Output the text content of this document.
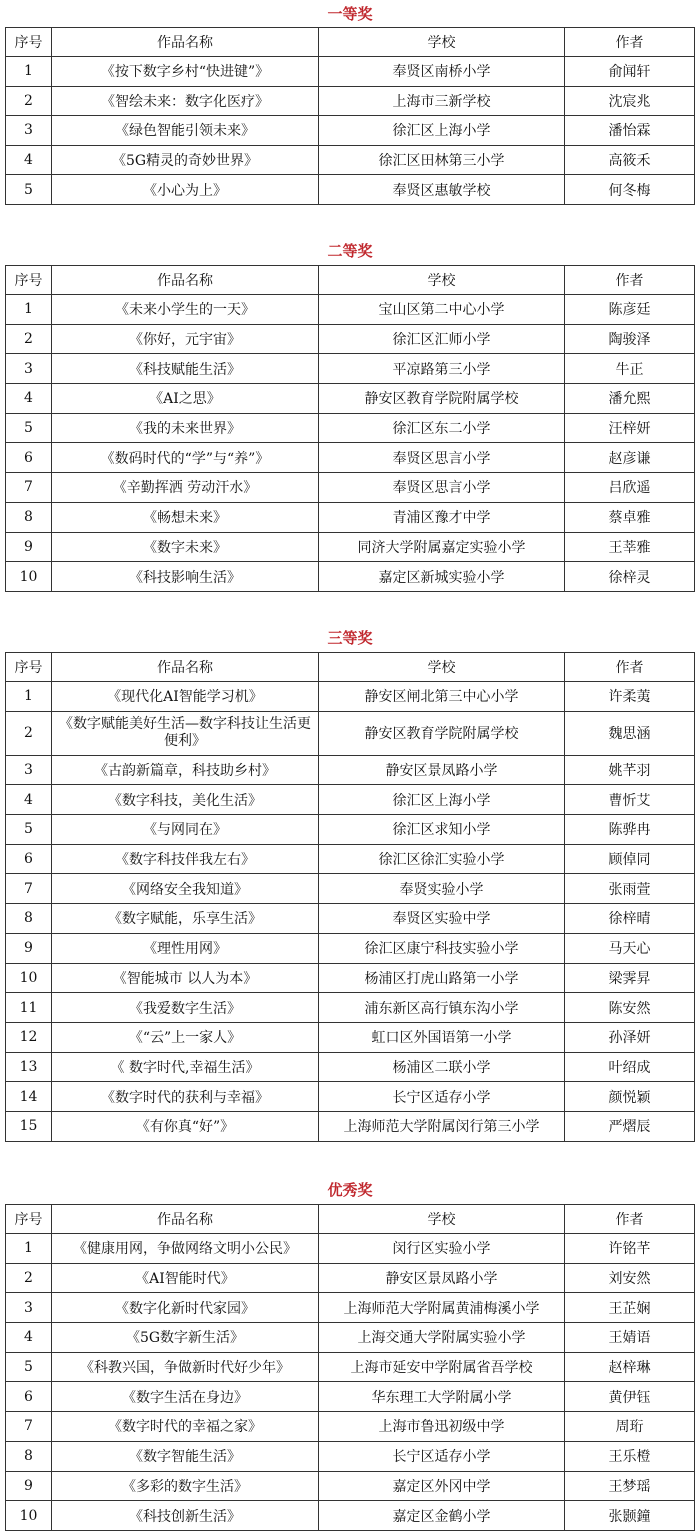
一等奖
序号	作品名称	学校	作者
1	《按下数字乡村“快进键”》	奉贤区南桥小学	俞闻轩
2	《智绘未来：数字化医疗》	上海市三新学校	沈宸兆
3	《绿色智能引领未来》	徐汇区上海小学	潘怡霖
4	《5G精灵的奇妙世界》	徐汇区田林第三小学	高筱禾
5	《小心为上》	奉贤区惠敏学校	何冬梅
二等奖
序号	作品名称	学校	作者
1	《未来小学生的一天》	宝山区第二中心小学	陈彦廷
2	《你好，元宇宙》	徐汇区汇师小学	陶骏泽
3	《科技赋能生活》	平凉路第三小学	牛正
4	《AI之思》	静安区教育学院附属学校	潘允熙
5	《我的未来世界》	徐汇区东二小学	汪梓妍
6	《数码时代的“学”与“养”》	奉贤区思言小学	赵彦谦
7	《辛勤挥洒 劳动汗水》	奉贤区思言小学	吕欣遥
8	《畅想未来》	青浦区豫才中学	蔡卓雅
9	《数字未来》	同济大学附属嘉定实验小学	王莘雅
10	《科技影响生活》	嘉定区新城实验小学	徐梓灵
三等奖
序号	作品名称	学校	作者
1	《现代化AI智能学习机》	静安区闸北第三中心小学	许柔荑
2	《数字赋能美好生活—数字科技让生活更便利》	静安区教育学院附属学校	魏思涵
3	《古韵新篇章，科技助乡村》	静安区景凤路小学	姚芊羽
4	《数字科技，美化生活》	徐汇区上海小学	曹忻艾
5	《与网同在》	徐汇区求知小学	陈骅冉
6	《数字科技伴我左右》	徐汇区徐汇实验小学	顾倬同
7	《网络安全我知道》	奉贤实验小学	张雨萱
8	《数字赋能，乐享生活》	奉贤区实验中学	徐梓晴
9	《理性用网》	徐汇区康宁科技实验小学	马天心
10	《智能城市 以人为本》	杨浦区打虎山路第一小学	梁霁昇
11	《我爱数字生活》	浦东新区高行镇东沟小学	陈安然
12	《“云”上一家人》	虹口区外国语第一小学	孙泽妍
13	《 数字时代,幸福生活》	杨浦区二联小学	叶绍成
14	《数字时代的获利与幸福》	长宁区适存小学	颜悦颖
15	《有你真“好”》	上海师范大学附属闵行第三小学	严熠辰
优秀奖
序号	作品名称	学校	作者
1	《健康用网，争做网络文明小公民》	闵行区实验小学	许铭芊
2	《AI智能时代》	静安区景凤路小学	刘安然
3	《数字化新时代家园》	上海师范大学附属黄浦梅溪小学	王芷娴
4	《5G数字新生活》	上海交通大学附属实验小学	王婧语
5	《科教兴国，争做新时代好少年》	上海市延安中学附属省吾学校	赵梓琳
6	《数字生活在身边》	华东理工大学附属小学	黄伊钰
7	《数字时代的幸福之家》	上海市鲁迅初级中学	周珩
8	《数字智能生活》	长宁区适存小学	王乐橙
9	《多彩的数字生活》	嘉定区外冈中学	王梦瑶
10	《科技创新生活》	嘉定区金鹤小学	张颢鐘
